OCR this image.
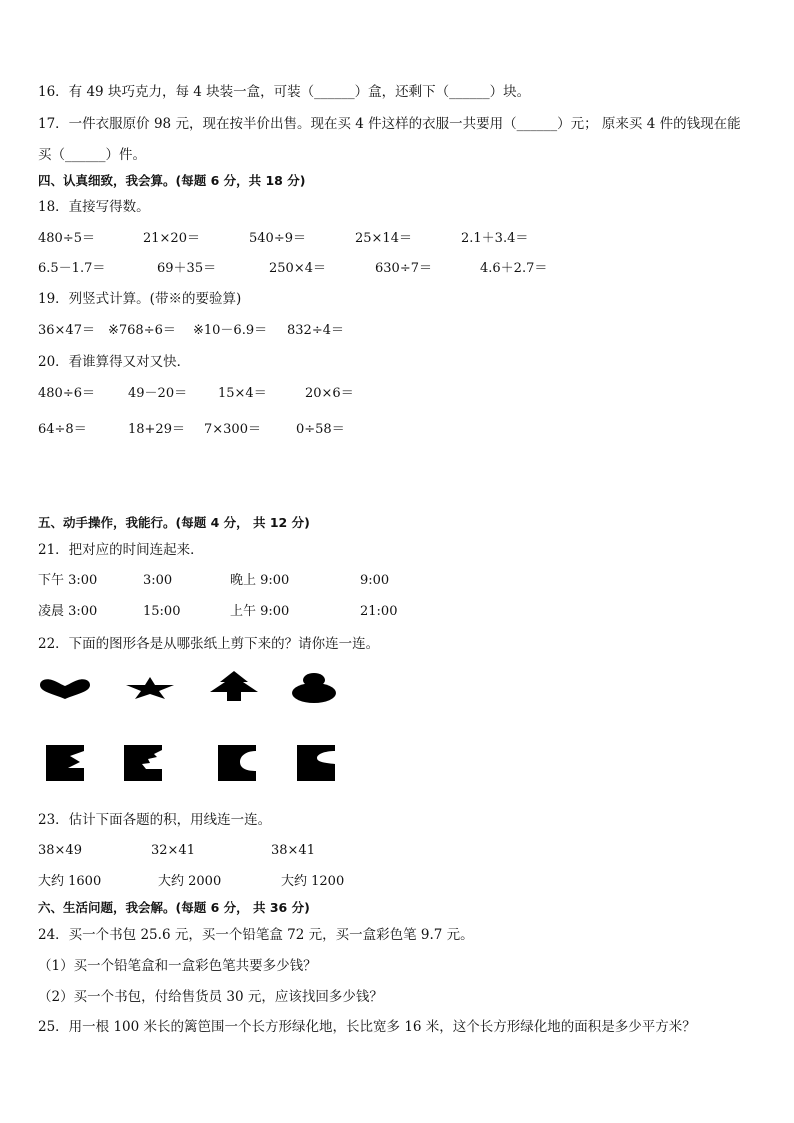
16．有 49 块巧克力，每 4 块装一盒，可装（______）盒，还剩下（______）块。
17．一件衣服原价 98 元，现在按半价出售。现在买 4 件这样的衣服一共要用（______）元； 原来买 4 件的钱现在能
买（______）件。
四、认真细致，我会算。(每题 6 分，共 18 分)
18．直接写得数。
480÷5＝	21×20＝	540÷9＝	25×14＝	2.1＋3.4＝
6.5－1.7＝	69＋35＝	250×4＝	630÷7＝	4.6＋2.7＝
19．列竖式计算。(带※的要验算)
36×47＝ ※768÷6＝ ※10－6.9＝ 832÷4＝
20．看谁算得又对又快．
480÷6＝	49－20＝ 15×4＝	20×6＝
64÷8＝	18+29＝ 7×300＝	0÷58＝
五、动手操作，我能行。(每题 4 分， 共 12 分)
21．把对应的时间连起来．
下午 3:00	3:00	晚上 9:00	9:00
凌晨 3:00	15:00	上午 9:00	21:00
22．下面的图形各是从哪张纸上剪下来的？请你连一连。
23．估计下面各题的积，用线连一连。
38×49	32×41	38×41
大约 1600	大约 2000	大约 1200
六、生活问题，我会解。(每题 6 分， 共 36 分)
24．买一个书包 25.6 元，买一个铅笔盒 72 元，买一盒彩色笔 9.7 元。
（1）买一个铅笔盒和一盒彩色笔共要多少钱？
（2）买一个书包，付给售货员 30 元，应该找回多少钱？
25．用一根 100 米长的篱笆围一个长方形绿化地，长比宽多 16 米，这个长方形绿化地的面积是多少平方米？
